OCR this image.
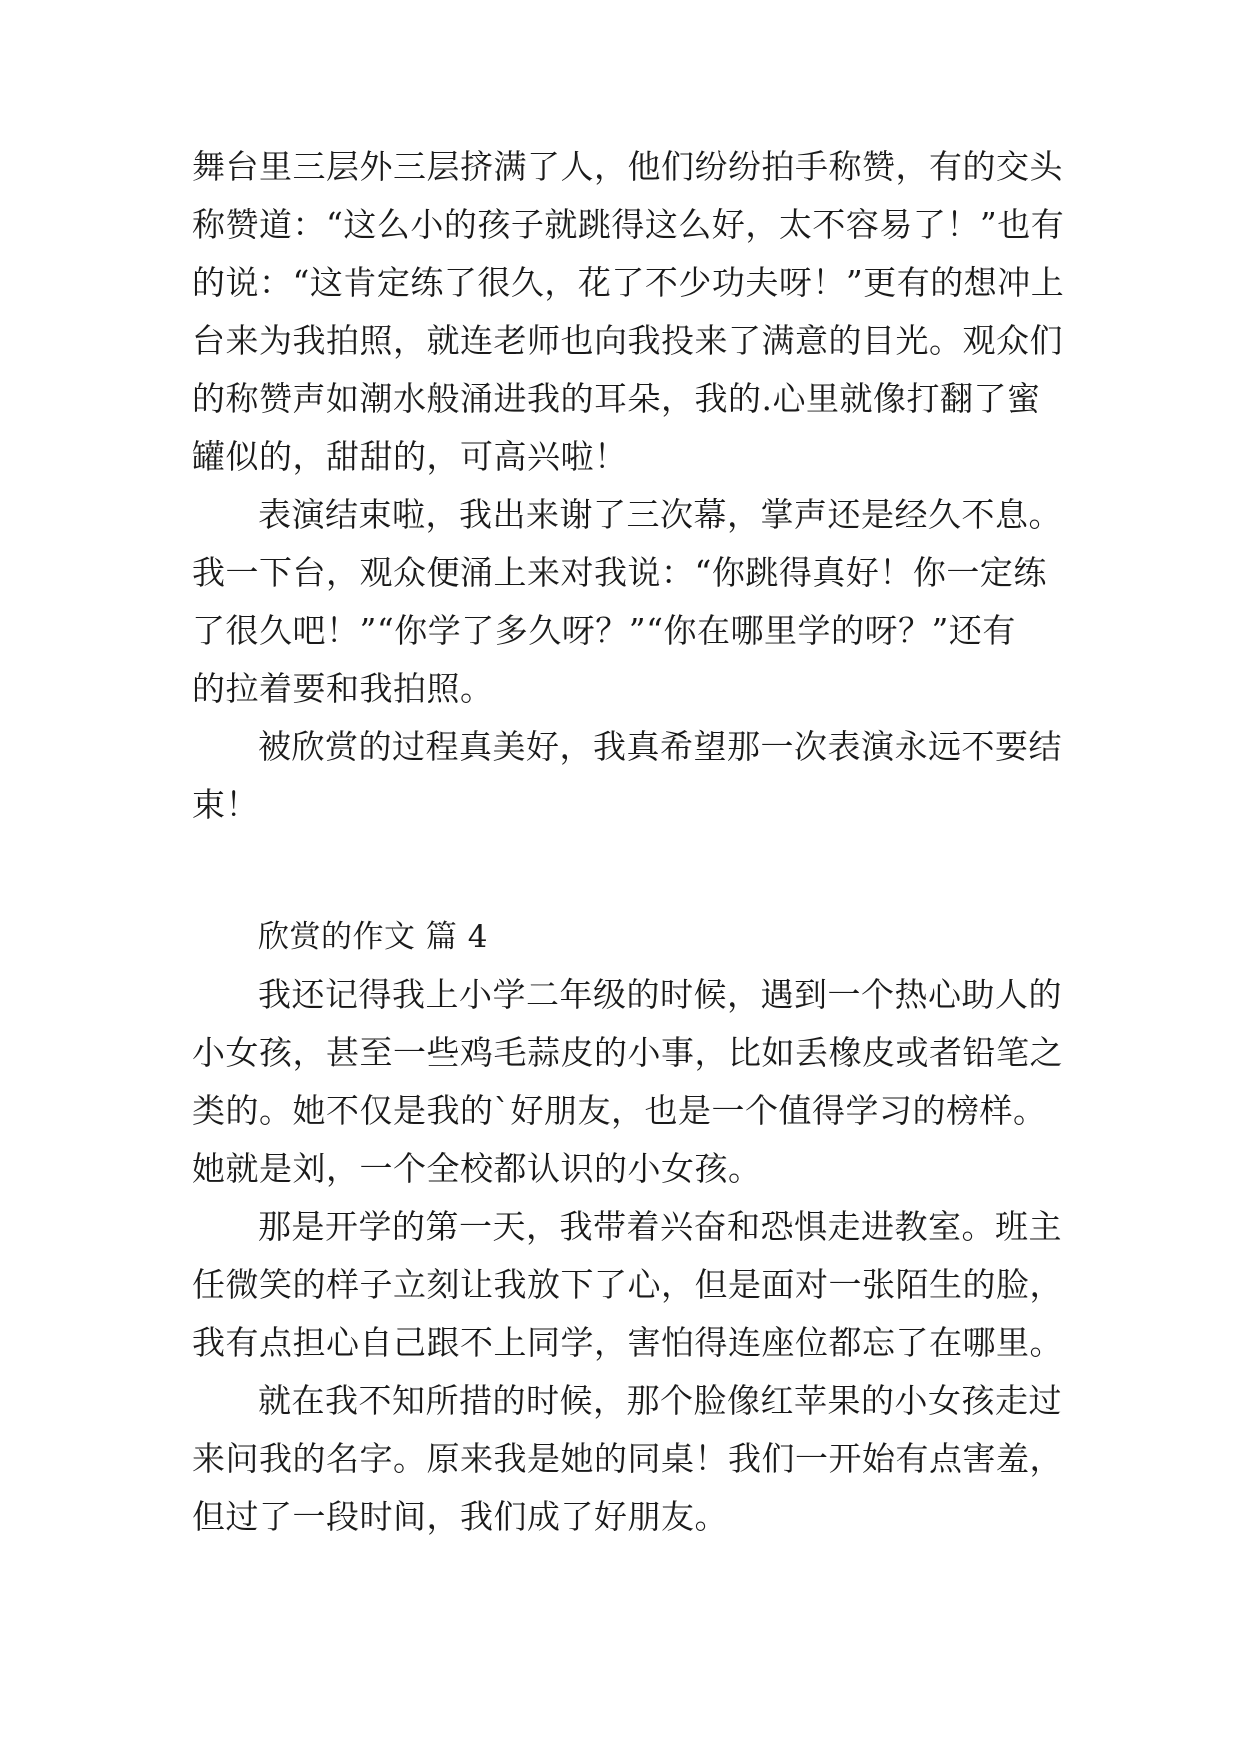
舞台里三层外三层挤满了人，他们纷纷拍手称赞，有的交头
称赞道：“这么小的孩子就跳得这么好，太不容易了！”也有
的说：“这肯定练了很久，花了不少功夫呀！”更有的想冲上
台来为我拍照，就连老师也向我投来了满意的目光。观众们
的称赞声如潮水般涌进我的耳朵，我的.心里就像打翻了蜜
罐似的，甜甜的，可高兴啦！
表演结束啦，我出来谢了三次幕，掌声还是经久不息。
我一下台，观众便涌上来对我说：“你跳得真好！你一定练
了很久吧！”“你学了多久呀？”“你在哪里学的呀？”还有
的拉着要和我拍照。
被欣赏的过程真美好，我真希望那一次表演永远不要结
束！
欣赏的作文 篇 4
我还记得我上小学二年级的时候，遇到一个热心助人的
小女孩，甚至一些鸡毛蒜皮的小事，比如丢橡皮或者铅笔之
类的。她不仅是我的`好朋友，也是一个值得学习的榜样。
她就是刘，一个全校都认识的小女孩。
那是开学的第一天，我带着兴奋和恐惧走进教室。班主
任微笑的样子立刻让我放下了心，但是面对一张陌生的脸，
我有点担心自己跟不上同学，害怕得连座位都忘了在哪里。
就在我不知所措的时候，那个脸像红苹果的小女孩走过
来问我的名字。原来我是她的同桌！我们一开始有点害羞，
但过了一段时间，我们成了好朋友。
